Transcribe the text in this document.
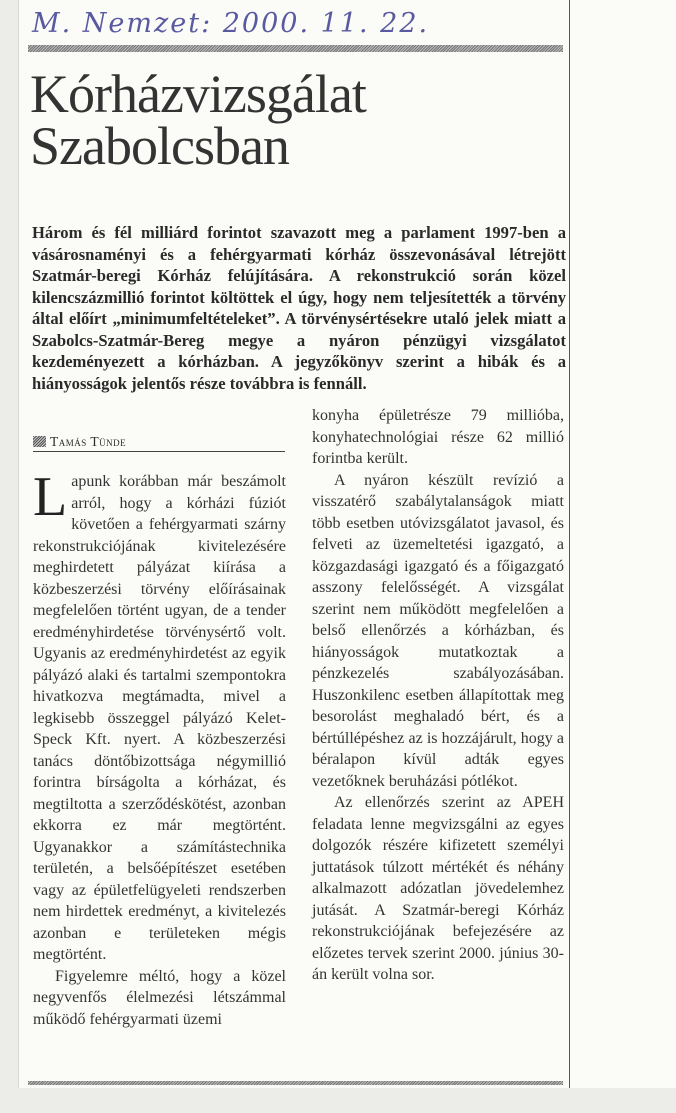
M. Nemzet: 2000. 11. 22.
Kórházvizsgálat
Szabolcsban
Három és fél milliárd forintot szavazott meg a parlament 1997-ben a vásárosnaményi és a fehérgyarmati kórház összevonásával létrejött Szatmár-beregi Kórház felújítására. A rekonstrukció során közel kilencszázmillió forintot költöttek el úgy, hogy nem teljesítették a törvény által előírt „minimumfeltételeket”. A törvénysértésekre utaló jelek miatt a Szabolcs-Szatmár-Bereg megye a nyáron pénzügyi vizsgálatot kezdeményezett a kórházban. A jegyzőkönyv szerint a hibák és a hiányosságok jelentős része továbbra is fennáll.
Tamás Tünde

Lapunk korábban már beszámolt arról, hogy a kórházi fúziót követően a fehérgyarmati szárny rekonstrukciójának kivitelezésére meghirdetett pályázat kiírása a közbeszerzési törvény előírásainak megfelelően történt ugyan, de a tender eredményhirdetése törvénysértő volt. Ugyanis az eredményhirdetést az egyik pályázó alaki és tartalmi szempontokra hivatkozva megtámadta, mivel a legkisebb összeggel pályázó Kelet-Speck Kft. nyert. A közbeszerzési tanács döntőbizottsága négymillió forintra bírságolta a kórházat, és megtiltotta a szerződéskötést, azonban ekkorra ez már megtörtént. Ugyanakkor a számítástechnika területén, a belsőépítészet esetében vagy az épületfelügyeleti rendszerben nem hirdettek eredményt, a kivitelezés azonban e területeken mégis megtörtént.

Figyelemre méltó, hogy a közel negyvenfős élelmezési létszámmal működő fehérgyarmati üzemi

konyha épületrésze 79 millióba, konyhatechnológiai része 62 millió forintba került.

A nyáron készült revízió a visszatérő szabálytalanságok miatt több esetben utóvizsgálatot javasol, és felveti az üzemeltetési igazgató, a közgazdasági igazgató és a főigazgató asszony felelősségét. A vizsgálat szerint nem működött megfelelően a belső ellenőrzés a kórházban, és hiányosságok mutatkoztak a pénzkezelés szabályozásában. Huszonkilenc esetben állapítottak meg besorolást meghaladó bért, és a bértúllépéshez az is hozzájárult, hogy a béralapon kívül adták egyes vezetőknek beruházási pótlékot.

Az ellenőrzés szerint az APEH feladata lenne megvizsgálni az egyes dolgozók részére kifizetett személyi juttatások túlzott mértékét és néhány alkalmazott adózatlan jövedelemhez jutását. A Szatmár-beregi Kórház rekonstrukciójának befejezésére az előzetes tervek szerint 2000. június 30-án került volna sor.
